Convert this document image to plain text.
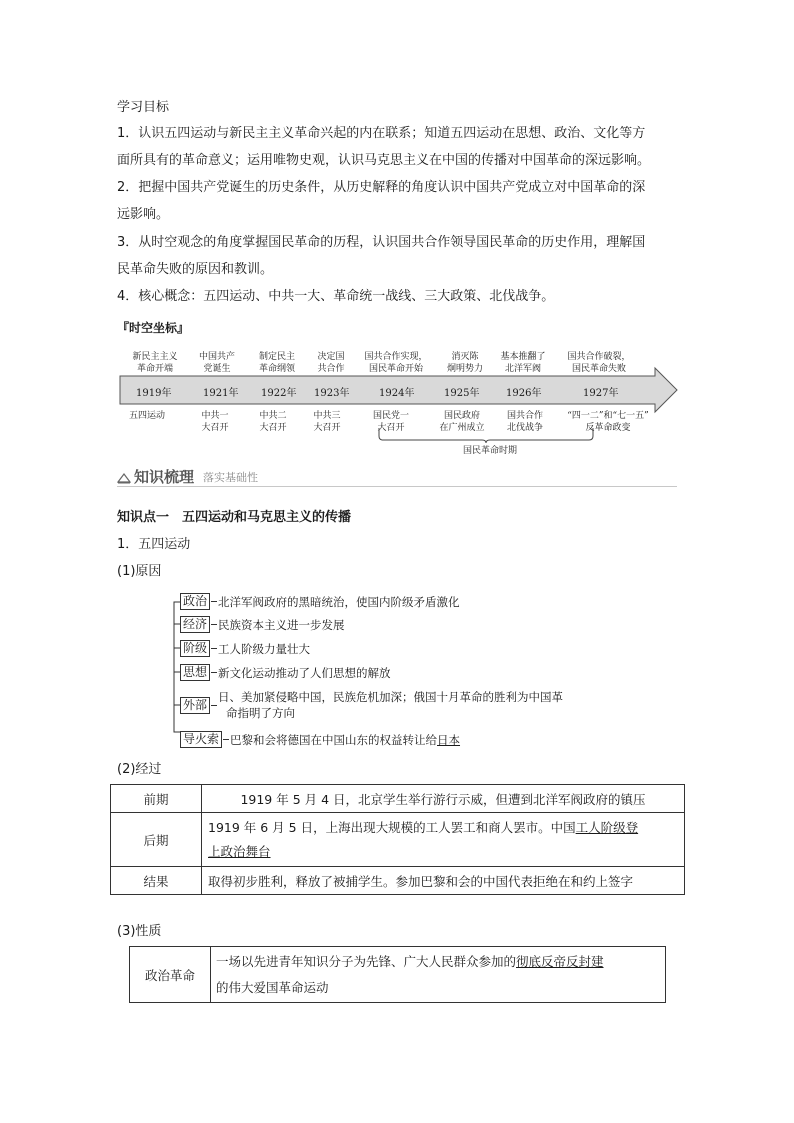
学习目标
1．认识五四运动与新民主主义革命兴起的内在联系；知道五四运动在思想、政治、文化等方
面所具有的革命意义；运用唯物史观，认识马克思主义在中国的传播对中国革命的深远影响。
2．把握中国共产党诞生的历史条件，从历史解释的角度认识中国共产党成立对中国革命的深
远影响。
3．从时空观念的角度掌握国民革命的历程，认识国共合作领导国民革命的历史作用，理解国
民革命失败的原因和教训。
4．核心概念：五四运动、中共一大、革命统一战线、三大政策、北伐战争。
『时空坐标』
新民主主义
革命开端
中国共产
党诞生
制定民主
革命纲领
决定国
共合作
国共合作实现，
国民革命开始
消灭陈
炯明势力
基本推翻了
北洋军阀
国共合作破裂，
国民革命失败
1919年	1921年 1922年 1923年	1924年	1925年	1926年	1927年
五四运动	中共一
大召开
中共二
大召开
中共三
大召开
国民党一
大召开
国民政府
在广州成立
国共合作
北伐战争
“四一二”和“七一五”
反革命政变
国民革命时期
知识梳理 落实基础性
知识点一　五四运动和马克思主义的传播
1．五四运动
(1)原因
政治 北洋军阀政府的黑暗统治，使国内阶级矛盾激化
经济 民族资本主义进一步发展
阶级 工人阶级力量壮大
思想 新文化运动推动了人们思想的解放
外部
日、美加紧侵略中国，民族危机加深；俄国十月革命的胜利为中国革
命指明了方向
导火索 巴黎和会将德国在中国山东的权益转让给 日本
(2)经过
前期	1919 年 5 月 4 日，北京学生举行游行示威，但遭到北洋军阀政府的镇压
后期	1919 年 6 月 5 日，上海出现大规模的工人罢工和商人罢市。中国工人阶级登
上政治舞台
结果	取得初步胜利，释放了被捕学生。参加巴黎和会的中国代表拒绝在和约上签字
(3)性质
政治革命	一场以先进青年知识分子为先锋、广大人民群众参加的彻底反帝反封建
的伟大爱国革命运动
